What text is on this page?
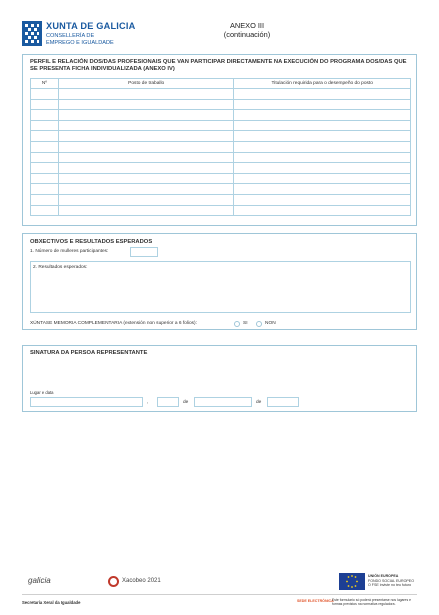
XUNTA DE GALICIA
CONSELLERÍA DE
EMPREGO E IGUALDADE
ANEXO III
(continuación)
PERFIL E RELACIÓN DOS/DAS PROFESIONAIS QUE VAN PARTICIPAR DIRECTAMENTE NA EXECUCIÓN DO PROGRAMA DOS/DAS QUE SE PRESENTA FICHA INDIVIDUALIZADA (ANEXO IV)
Nº	Posto de traballo	Titulación requirida para o desempeño do posto

OBXECTIVOS E RESULTADOS ESPERADOS
1. Número de mulleres participantes:
2. Resultados esperados:
XÚNTASE MEMORIA COMPLEMENTARIA (extensión non superior a 6 folios):	SI	NON
SINATURA DA PERSOA REPRESENTANTE
Lugar e data
,	de	de
galicia	Xacobeo 2021
UNIÓN EUROPEA
FONDO SOCIAL EUROPEO
O FSE inviste no teu futuro
Secretaría Xeral da Igualdade	SEDE ELECTRÓNICA
Este formulario só poderá presentarse nos lugares e formas previstos na normativa reguladora.
